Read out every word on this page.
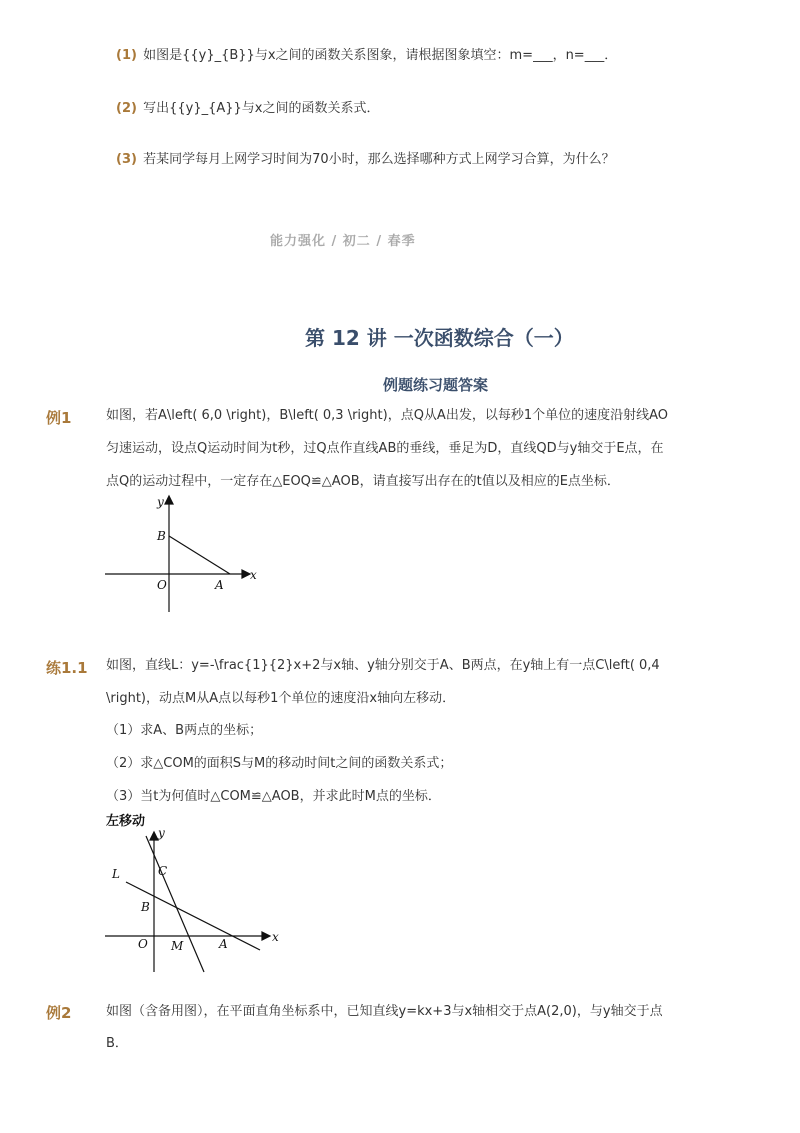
(1) 如图是{{y}_{B}}与x之间的函数关系图象，请根据图象填空：m=___，n=___．
(2) 写出{{y}_{A}}与x之间的函数关系式．
(3) 若某同学每月上网学习时间为70小时，那么选择哪种方式上网学习合算，为什么？
能力强化 / 初二 / 春季
第 12 讲 一次函数综合（一）
例题练习题答案
例1	如图，若A\left( 6,0 \right)，B\left( 0,3 \right)，点Q从A出发，以每秒1个单位的速度沿射线AO
匀速运动，设点Q运动时间为t秒，过Q点作直线AB的垂线，垂足为D，直线QD与y轴交于E点，在
点Q的运动过程中，一定存在△EOQ≌△AOB，请直接写出存在的t值以及相应的E点坐标．
y
x
B
O	A
练1.1 如图，直线L：y=-\frac{1}{2}x+2与x轴、y轴分别交于A、B两点，在y轴上有一点C\left( 0,4
\right)，动点M从A点以每秒1个单位的速度沿x轴向左移动．
（1）求A、B两点的坐标；
（2）求△COM的面积S与M的移动时间t之间的函数关系式；
（3）当t为何值时△COM≌△AOB，并求此时M点的坐标．
左移动
y
x
L	C
B
O M	A
例2	如图（含备用图），在平面直角坐标系中，已知直线y=kx+3与x轴相交于点A(2,0)，与y轴交于点
B．
